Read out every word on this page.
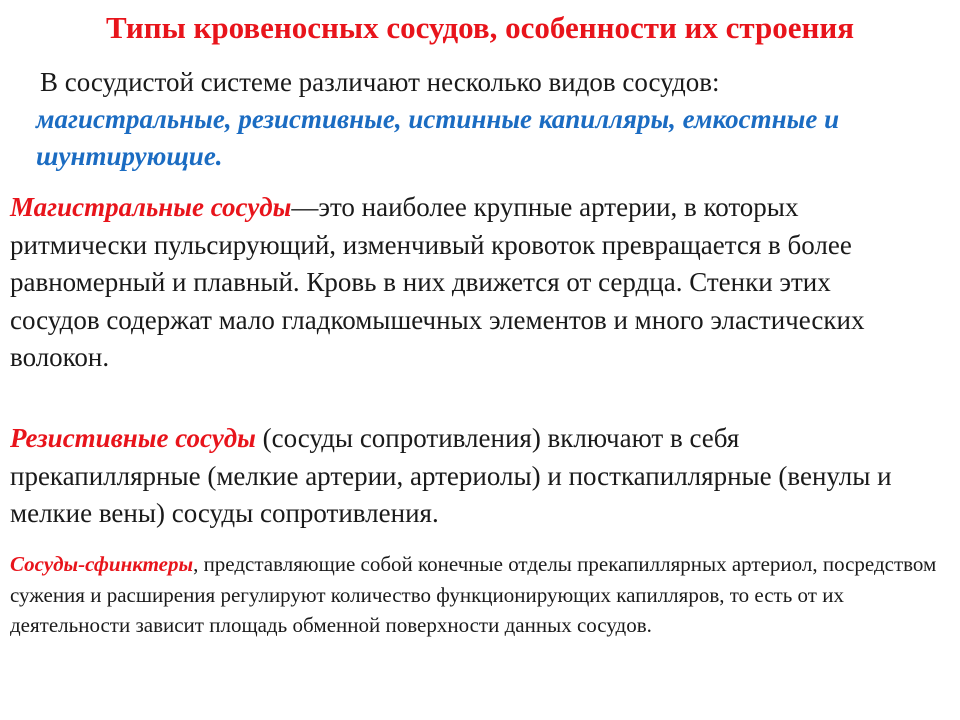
Типы кровеносных сосудов, особенности их строения

В сосудистой системе различают несколько видов сосудов:
магистральные, резистивные, истинные капилляры, емкостные и шунтирующие.

Магистральные сосуды—это наиболее крупные артерии, в которых ритмически пульсирующий, изменчивый кровоток превращается в более равномерный и плавный. Кровь в них движется от сердца. Стенки этих сосудов содержат мало гладкомышечных элементов и много эластических волокон.

Резистивные сосуды (сосуды сопротивления) включают в себя прекапиллярные (мелкие артерии, артериолы) и посткапиллярные (венулы и мелкие вены) сосуды сопротивления.

Сосуды-сфинктеры, представляющие собой конечные отделы прекапиллярных артериол, посредством сужения и расширения регулируют количество функционирующих капилляров, то есть от их деятельности зависит площадь обменной поверхности данных сосудов.
